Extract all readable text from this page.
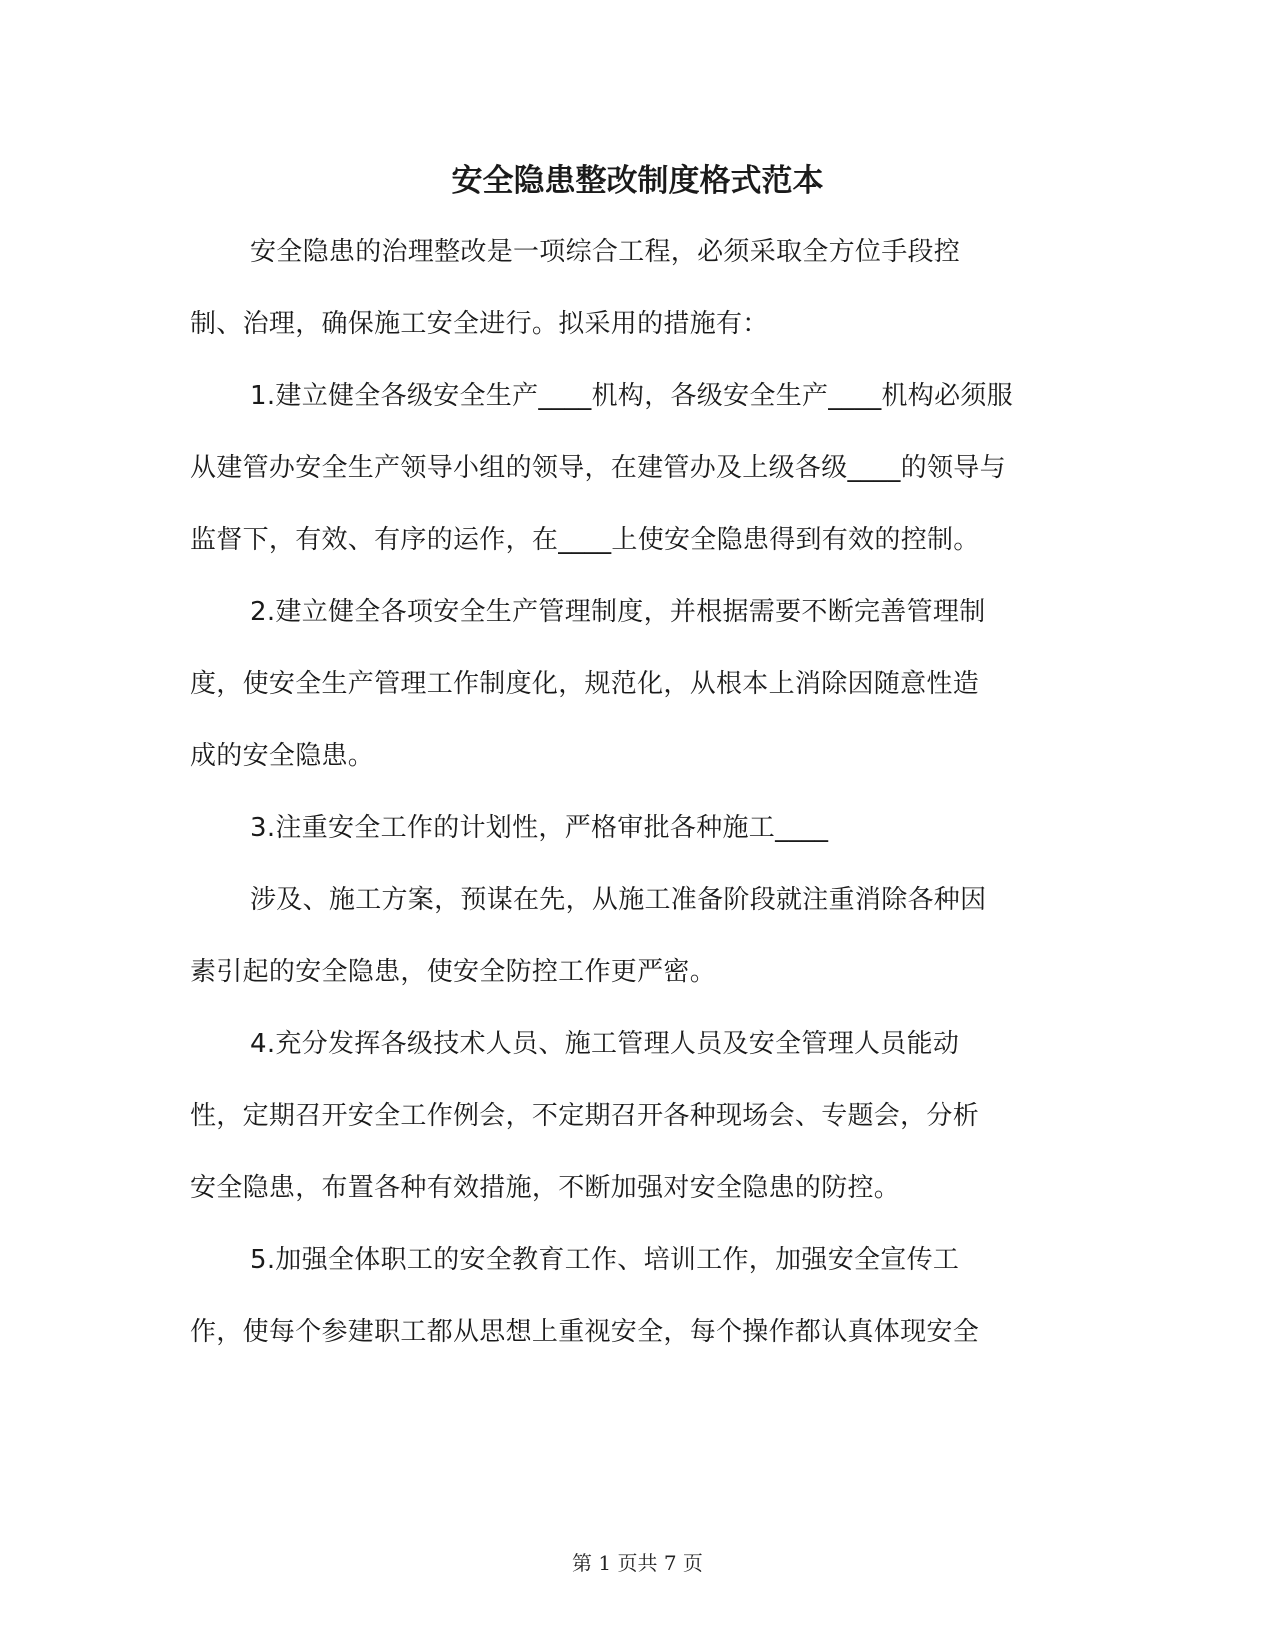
安全隐患整改制度格式范本
安全隐患的治理整改是一项综合工程，必须采取全方位手段控
制、治理，确保施工安全进行。拟采用的措施有：
1.建立健全各级安全生产____机构，各级安全生产____机构必须服
从建管办安全生产领导小组的领导，在建管办及上级各级____的领导与
监督下，有效、有序的运作，在____上使安全隐患得到有效的控制。
2.建立健全各项安全生产管理制度，并根据需要不断完善管理制
度，使安全生产管理工作制度化，规范化，从根本上消除因随意性造
成的安全隐患。
3.注重安全工作的计划性，严格审批各种施工____
涉及、施工方案，预谋在先，从施工准备阶段就注重消除各种因
素引起的安全隐患，使安全防控工作更严密。
4.充分发挥各级技术人员、施工管理人员及安全管理人员能动
性，定期召开安全工作例会，不定期召开各种现场会、专题会，分析
安全隐患，布置各种有效措施，不断加强对安全隐患的防控。
5.加强全体职工的安全教育工作、培训工作，加强安全宣传工
作，使每个参建职工都从思想上重视安全，每个操作都认真体现安全
第 1 页共 7 页
